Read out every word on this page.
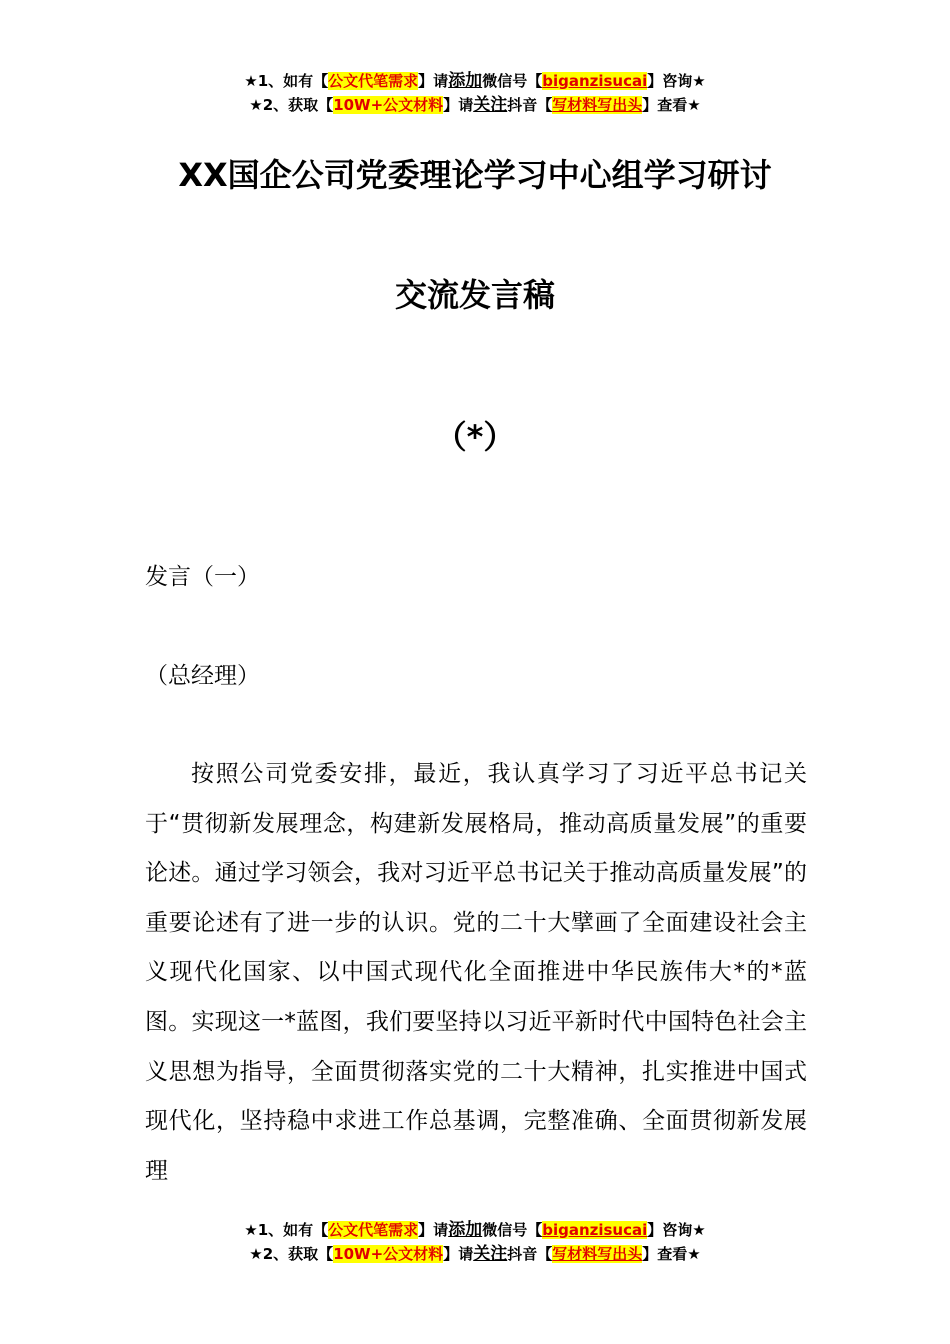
★1、如有【公文代笔需求】请添加微信号【biganzisucai】咨询★
★2、获取【10W+公文材料】请关注抖音【写材料写出头】查看★
XX国企公司党委理论学习中心组学习研讨
交流发言稿
（*）
发言（一）
（总经理）

按照公司党委安排，最近，我认真学习了习近平总书记关于“贯彻新发展理念，构建新发展格局，推动高质量发展”的重要论述。通过学习领会，我对习近平总书记关于推动高质量发展”的重要论述有了进一步的认识。党的二十大擘画了全面建设社会主义现代化国家、以中国式现代化全面推进中华民族伟大*的*蓝图。实现这一*蓝图，我们要坚持以习近平新时代中国特色社会主义思想为指导，全面贯彻落实党的二十大精神，扎实推进中国式现代化，坚持稳中求进工作总基调，完整准确、全面贯彻新发展理

★1、如有【公文代笔需求】请添加微信号【biganzisucai】咨询★
★2、获取【10W+公文材料】请关注抖音【写材料写出头】查看★
